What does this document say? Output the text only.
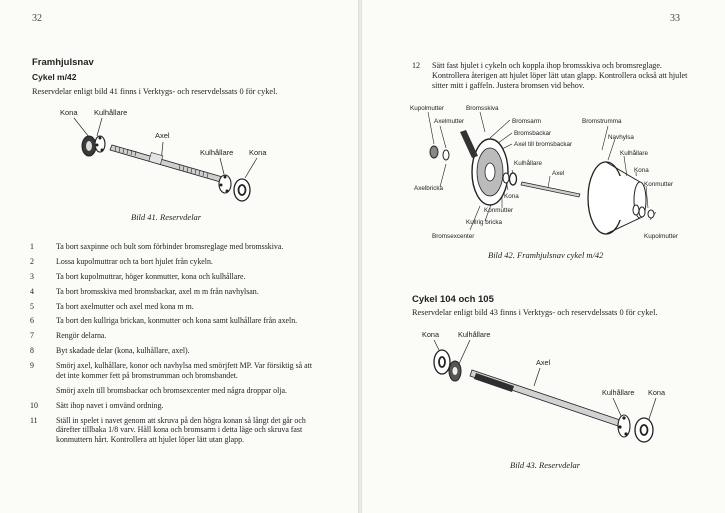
32
Framhjulsnav
Cykel m/42
Reservdelar enligt bild 41 finns i Verktygs- och reservdelssats 0 för cykel.
Kona Kulhållare
Axel
Kulhållare Kona
Bild 41. Reservdelar
1	Ta bort saxpinne och bult som förbinder bromsreglage med bromsskiva.
2	Lossa kupolmuttrar och ta bort hjulet från cykeln.
3	Ta bort kupolmuttrar, höger konmutter, kona och kulhållare.
4	Ta bort bromsskiva med bromsbackar, axel m m från navhylsan.
5	Ta bort axelmutter och axel med kona m m.
6	Ta bort den kullriga brickan, konmutter och kona samt kulhållare från axeln.
7	Rengör delarna.
8	Byt skadade delar (kona, kulhållare, axel).
9	Smörj axel, kulhållare, konor och navhylsa med smörjfett MP. Var försiktig så att det inte kommer fett på bromstrumman och bromsbandet.
Smörj axeln till bromsbackar och bromsexcenter med några droppar olja.
10	Sätt ihop navet i omvänd ordning.
11	Ställ in spelet i navet genom att skruva på den högra konan så långt det går och därefter tillbaka 1/8 varv. Håll kona och bromsarm i detta läge och skruva fast konmuttern hårt. Kontrollera att hjulet löper lätt utan glapp.
33
12	Sätt fast hjulet i cykeln och koppla ihop bromsskiva och bromsreglage. Kontrollera återigen att hjulet löper lätt utan glapp. Kontrollera också att hjulet sitter mitt i gaffeln. Justera bromsen vid behov.
Kupolmutter	Bromsskiva
Axelmutter	Bromsarm	Bromstrumma
Bromsbackar
Navhylsa
Axel till bromsbackar
Kulhållare
Kulhållare
Kona
Axel
Konmutter
Axelbricka
Kona
Konmutter
Kullrig bricka
Bromsexcenter	Kupolmutter
Bild 42. Framhjulsnav cykel m/42
Cykel 104 och 105
Reservdelar enligt bild 43 finns i Verktygs- och reservdelssats 0 för cykel.
Kona	Kulhållare
Axel
Kulhållare Kona
Bild 43. Reservdelar
